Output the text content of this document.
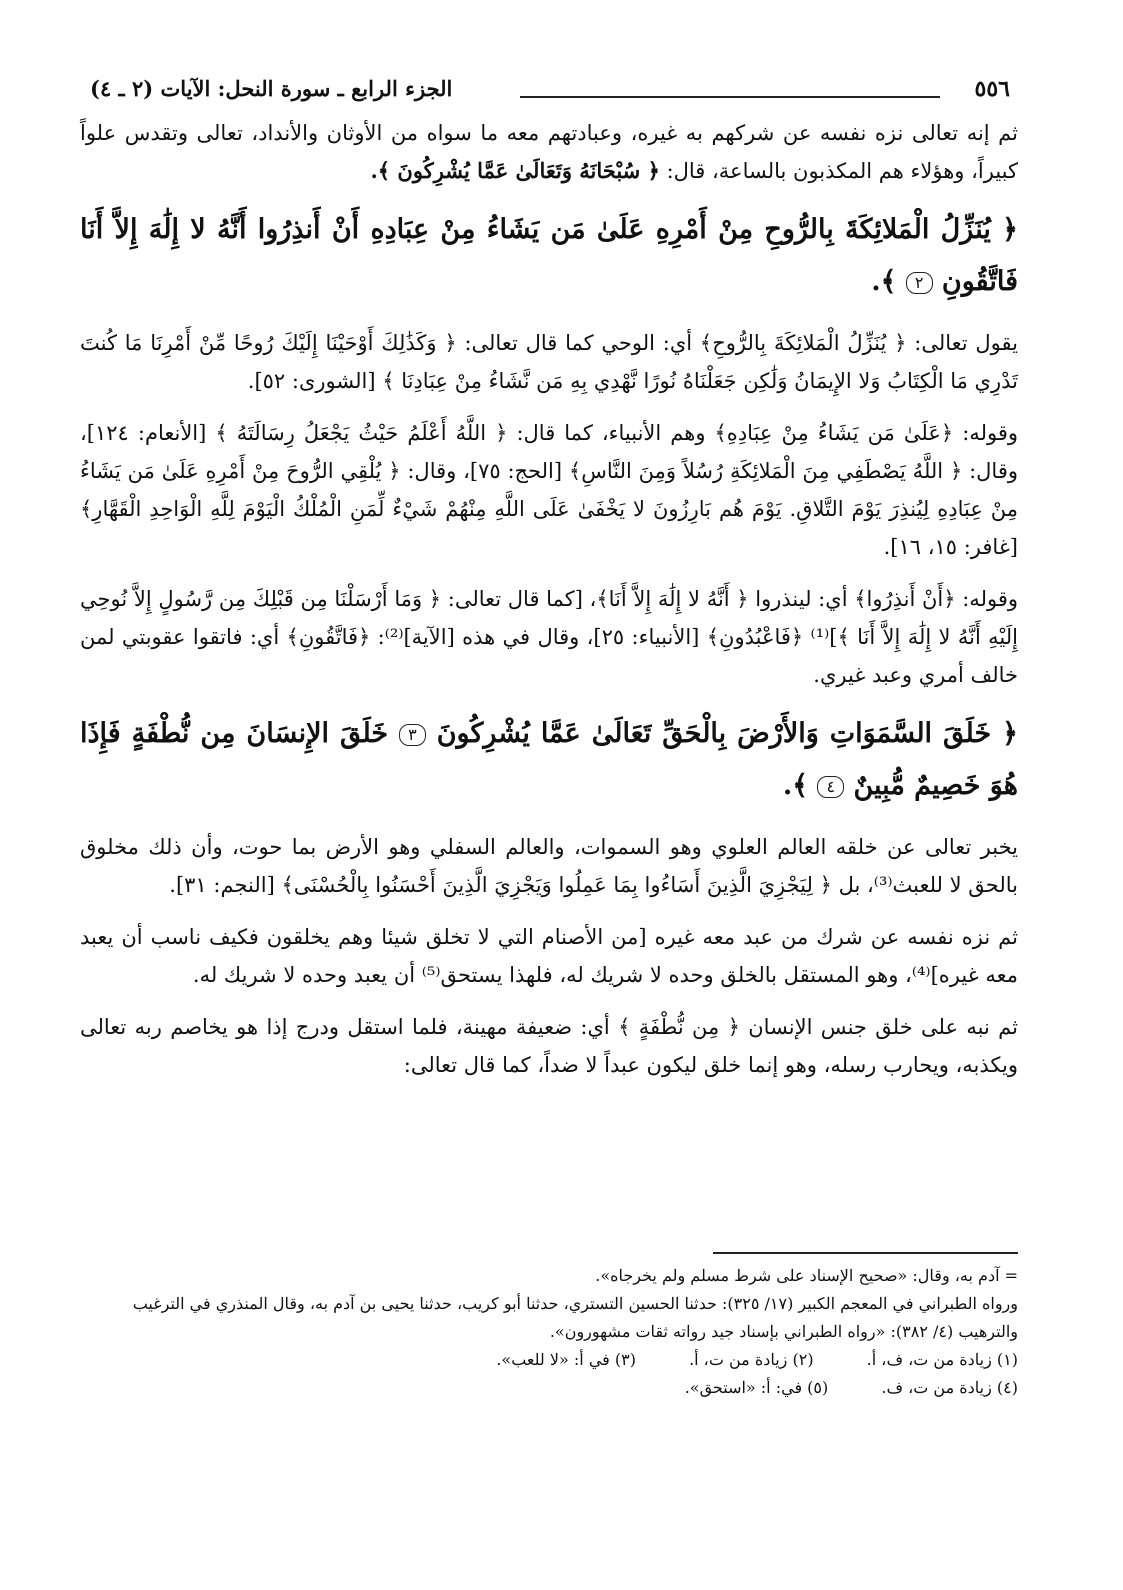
٥٥٦
الجزء الرابع ـ سورة النحل: الآيات (٢ ـ ٤)

ثم إنه تعالى نزه نفسه عن شركهم به غيره، وعبادتهم معه ما سواه من الأوثان والأنداد، تعالى وتقدس علواً كبيراً، وهؤلاء هم المكذبون بالساعة، قال: ﴿ سُبْحَانَهُ وَتَعَالَىٰ عَمَّا يُشْرِكُونَ ﴾.

﴿ يُنَزِّلُ الْمَلائِكَةَ بِالرُّوحِ مِنْ أَمْرِهِ عَلَىٰ مَن يَشَاءُ مِنْ عِبَادِهِ أَنْ أَنذِرُوا أَنَّهُ لا إِلَٰهَ إِلاَّ أَنَا فَاتَّقُونِ ٢ ﴾.

يقول تعالى: ﴿ يُنَزِّلُ الْمَلائِكَةَ بِالرُّوحِ﴾ أي: الوحي كما قال تعالى: ﴿ وَكَذَٰلِكَ أَوْحَيْنَا إِلَيْكَ رُوحًا مِّنْ أَمْرِنَا مَا كُنتَ تَدْرِي مَا الْكِتَابُ وَلا الإِيمَانُ وَلَٰكِن جَعَلْنَاهُ نُورًا نَّهْدِي بِهِ مَن نَّشَاءُ مِنْ عِبَادِنَا ﴾ [الشورى: ٥٢].

وقوله: ﴿عَلَىٰ مَن يَشَاءُ مِنْ عِبَادِهِ﴾ وهم الأنبياء، كما قال: ﴿ اللَّهُ أَعْلَمُ حَيْثُ يَجْعَلُ رِسَالَتَهُ ﴾ [الأنعام: ١٢٤]، وقال: ﴿ اللَّهُ يَصْطَفِي مِنَ الْمَلائِكَةِ رُسُلاً وَمِنَ النَّاسِ﴾ [الحج: ٧٥]، وقال: ﴿ يُلْقِي الرُّوحَ مِنْ أَمْرِهِ عَلَىٰ مَن يَشَاءُ مِنْ عِبَادِهِ لِيُنذِرَ يَوْمَ التَّلاقِ. يَوْمَ هُم بَارِزُونَ لا يَخْفَىٰ عَلَى اللَّهِ مِنْهُمْ شَيْءٌ لِّمَنِ الْمُلْكُ الْيَوْمَ لِلَّهِ الْوَاحِدِ الْقَهَّارِ﴾ [غافر: ١٥، ١٦].

وقوله: ﴿أَنْ أَنذِرُوا﴾ أي: لينذروا ﴿ أَنَّهُ لا إِلَٰهَ إِلاَّ أَنَا﴾، [كما قال تعالى: ﴿ وَمَا أَرْسَلْنَا مِن قَبْلِكَ مِن رَّسُولٍ إِلاَّ نُوحِي إِلَيْهِ أَنَّهُ لا إِلَٰهَ إِلاَّ أَنَا ﴾]⁽¹⁾ ﴿فَاعْبُدُونِ﴾ [الأنبياء: ٢٥]، وقال في هذه [الآية]⁽²⁾: ﴿فَاتَّقُونِ﴾ أي: فاتقوا عقوبتي لمن خالف أمري وعبد غيري.

﴿ خَلَقَ السَّمَوَاتِ وَالأَرْضَ بِالْحَقِّ تَعَالَىٰ عَمَّا يُشْرِكُونَ ٣ خَلَقَ الإِنسَانَ مِن نُّطْفَةٍ فَإِذَا هُوَ خَصِيمٌ مُّبِينٌ ٤ ﴾.

يخبر تعالى عن خلقه العالم العلوي وهو السموات، والعالم السفلي وهو الأرض بما حوت، وأن ذلك مخلوق بالحق لا للعبث⁽³⁾، بل ﴿ لِيَجْزِيَ الَّذِينَ أَسَاءُوا بِمَا عَمِلُوا وَيَجْزِيَ الَّذِينَ أَحْسَنُوا بِالْحُسْنَى﴾ [النجم: ٣١].

ثم نزه نفسه عن شرك من عبد معه غيره [من الأصنام التي لا تخلق شيئا وهم يخلقون فكيف ناسب أن يعبد معه غيره]⁽⁴⁾، وهو المستقل بالخلق وحده لا شريك له، فلهذا يستحق⁽⁵⁾ أن يعبد وحده لا شريك له.

ثم نبه على خلق جنس الإنسان ﴿ مِن نُّطْفَةٍ ﴾ أي: ضعيفة مهينة، فلما استقل ودرج إذا هو يخاصم ربه تعالى ويكذبه، ويحارب رسله، وهو إنما خلق ليكون عبداً لا ضداً، كما قال تعالى:

= آدم به، وقال: «صحيح الإسناد على شرط مسلم ولم يخرجاه».

ورواه الطبراني في المعجم الكبير (١٧/ ٣٢٥): حدثنا الحسين التستري، حدثنا أبو كريب، حدثنا يحيى بن آدم به، وقال المنذري في الترغيب والترهيب (٤/ ٣٨٢): «رواه الطبراني بإسناد جيد رواته ثقات مشهورون».

(١) زيادة من ت، ف، أ. (٢) زيادة من ت، أ. (٣) في أ: «لا للعب».

(٤) زيادة من ت، ف. (٥) في: أ: «استحق».
